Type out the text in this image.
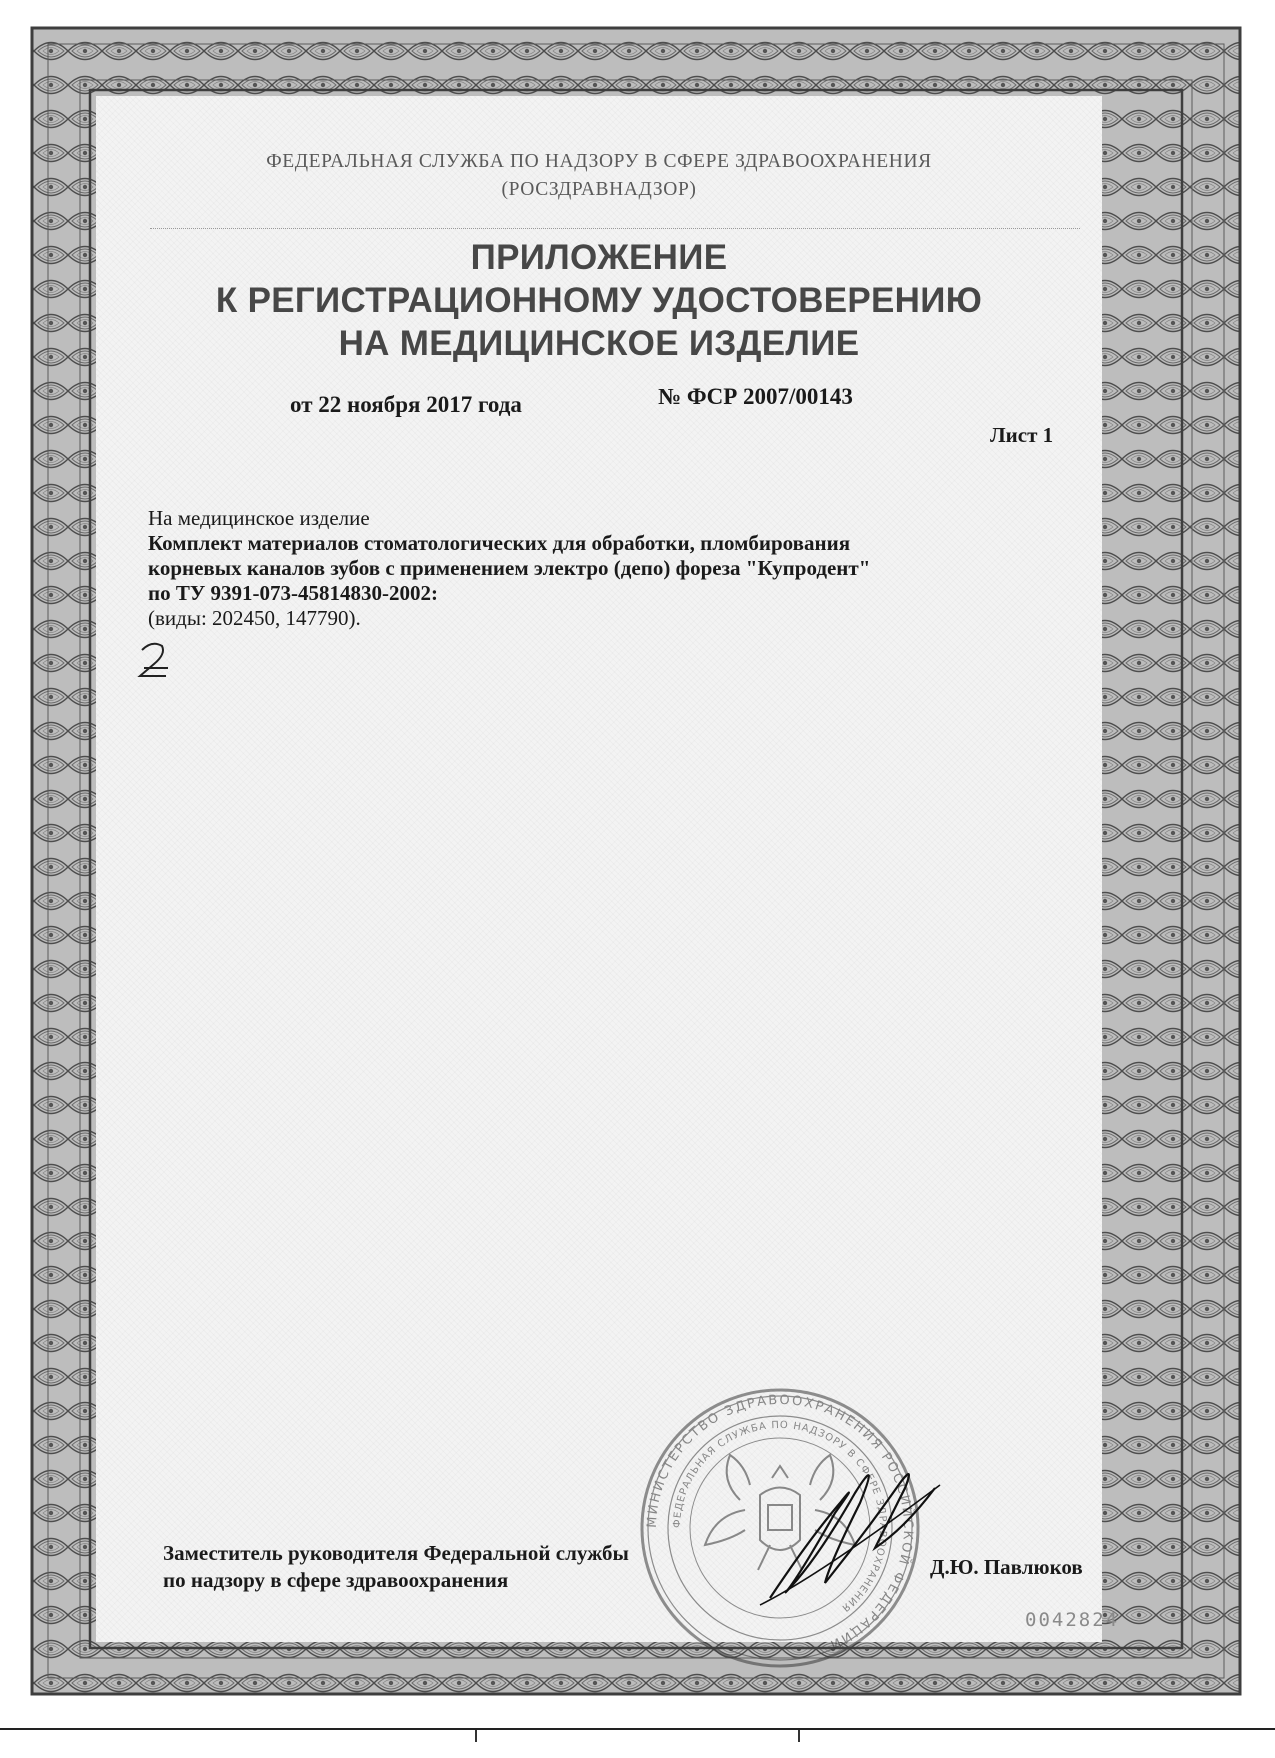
ФЕДЕРАЛЬНАЯ СЛУЖБА ПО НАДЗОРУ В СФЕРЕ ЗДРАВООХРАНЕНИЯ
(РОСЗДРАВНАДЗОР)
ПРИЛОЖЕНИЕ
К РЕГИСТРАЦИОННОМУ УДОСТОВЕРЕНИЮ
НА МЕДИЦИНСКОЕ ИЗДЕЛИЕ
от 22 ноября 2017 года	№ ФСР 2007/00143
Лист 1
На медицинское изделие
Комплект материалов стоматологических для обработки, пломбирования
корневых каналов зубов с применением электро (депо) фореза "Купродент"
по ТУ 9391-073-45814830-2002:
(виды: 202450, 147790).
МИНИСТЕРСТВО ЗДРАВООХРАНЕНИЯ РОССИЙСКОЙ ФЕДЕРАЦИИ
ФЕДЕРАЛЬНАЯ СЛУЖБА ПО НАДЗОРУ В СФЕРЕ ЗДРАВООХРАНЕНИЯ
Заместитель руководителя Федеральной службы
по надзору в сфере здравоохранения
Д.Ю. Павлюков
0042824
